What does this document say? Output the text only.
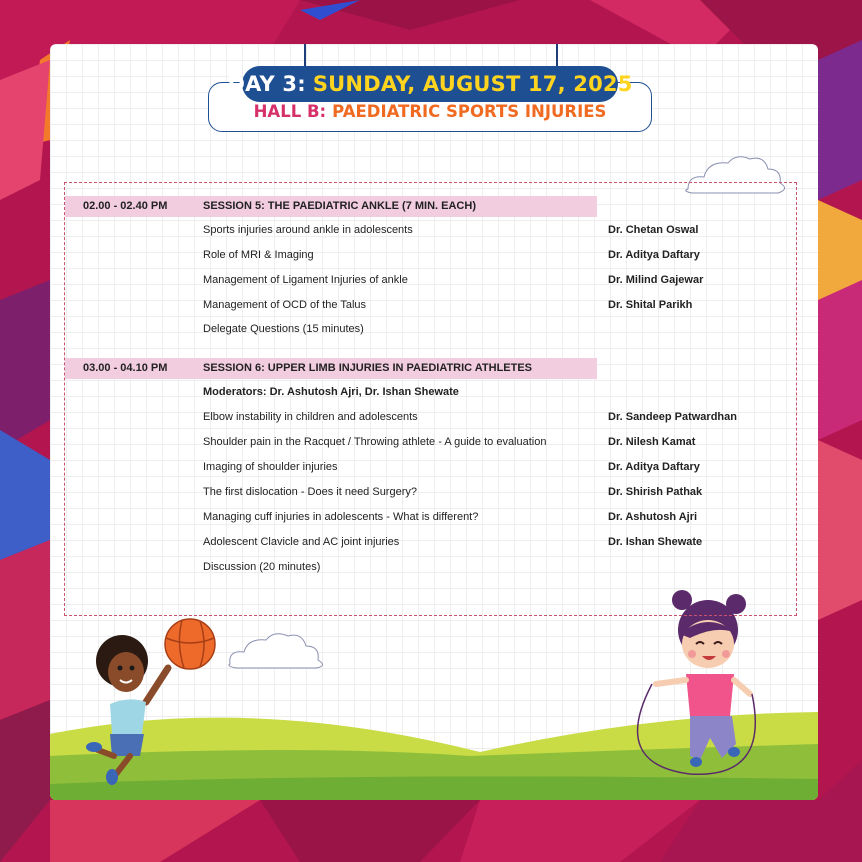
HALL B: PAEDIATRIC SPORTS INJURIES
DAY 3: SUNDAY, AUGUST 17, 2025
02.00 - 02.40 PM	SESSION 5: THE PAEDIATRIC ANKLE (7 MIN. EACH)
Sports injuries around ankle in adolescents	Dr. Chetan Oswal
Role of MRI & Imaging	Dr. Aditya Daftary
Management of Ligament Injuries of ankle	Dr. Milind Gajewar
Management of OCD of the Talus	Dr. Shital Parikh
Delegate Questions (15 minutes)
03.00 - 04.10 PM	SESSION 6: UPPER LIMB INJURIES IN PAEDIATRIC ATHLETES
Moderators: Dr. Ashutosh Ajri, Dr. Ishan Shewate
Elbow instability in children and adolescents	Dr. Sandeep Patwardhan
Shoulder pain in the Racquet / Throwing athlete - A guide to evaluation	Dr. Nilesh Kamat
Imaging of shoulder injuries	Dr. Aditya Daftary
The first dislocation - Does it need Surgery?	Dr. Shirish Pathak
Managing cuff injuries in adolescents - What is different?	Dr. Ashutosh Ajri
Adolescent Clavicle and AC joint injuries	Dr. Ishan Shewate
Discussion (20 minutes)
